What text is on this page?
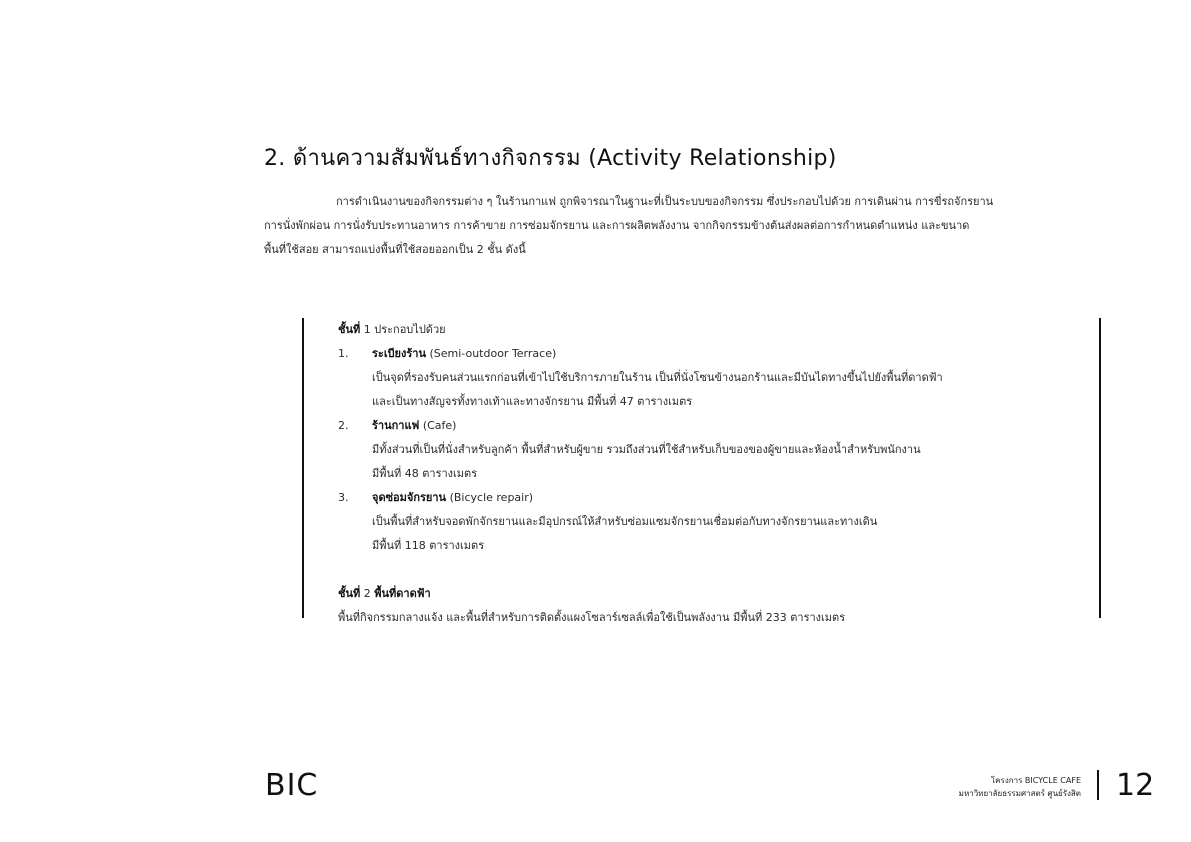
2. ด้านความสัมพันธ์ทางกิจกรรม (Activity Relationship)
การดำเนินงานของกิจกรรมต่าง ๆ ในร้านกาแฟ ถูกพิจารณาในฐานะที่เป็นระบบของกิจกรรม ซึ่งประกอบไปด้วย การเดินผ่าน การขี่รถจักรยาน
การนั่งพักผ่อน การนั่งรับประทานอาหาร การค้าขาย การซ่อมจักรยาน และการผลิตพลังงาน จากกิจกรรมข้างต้นส่งผลต่อการกำหนดตำแหน่ง และขนาด
พื้นที่ใช้สอย สามารถแบ่งพื้นที่ใช้สอยออกเป็น 2 ชั้น ดังนี้
ชั้นที่ 1 ประกอบไปด้วย
1. ระเบียงร้าน (Semi-outdoor Terrace)
เป็นจุดที่รองรับคนส่วนแรกก่อนที่เข้าไปใช้บริการภายในร้าน เป็นที่นั่งโซนข้างนอกร้านและมีบันไดทางขึ้นไปยังพื้นที่ดาดฟ้า
และเป็นทางสัญจรทั้งทางเท้าและทางจักรยาน มีพื้นที่ 47 ตารางเมตร
2. ร้านกาแฟ (Cafe)
มีทั้งส่วนที่เป็นที่นั่งสำหรับลูกค้า พื้นที่สำหรับผู้ขาย รวมถึงส่วนที่ใช้สำหรับเก็บของของผู้ขายและห้องน้ำสำหรับพนักงาน
มีพื้นที่ 48 ตารางเมตร
3. จุดซ่อมจักรยาน (Bicycle repair)
เป็นพื้นที่สำหรับจอดพักจักรยานและมีอุปกรณ์ให้สำหรับซ่อมแซมจักรยานเชื่อมต่อกับทางจักรยานและทางเดิน
มีพื้นที่ 118 ตารางเมตร
ชั้นที่ 2 พื้นที่ดาดฟ้า
พื้นที่กิจกรรมกลางแจ้ง และพื้นที่สำหรับการติดตั้งแผงโซลาร์เซลล์เพื่อใช้เป็นพลังงาน มีพื้นที่ 233 ตารางเมตร
BIC	โครงการ BICYCLE CAFE
มหาวิทยาลัยธรรมศาสตร์ ศูนย์รังสิต 12
